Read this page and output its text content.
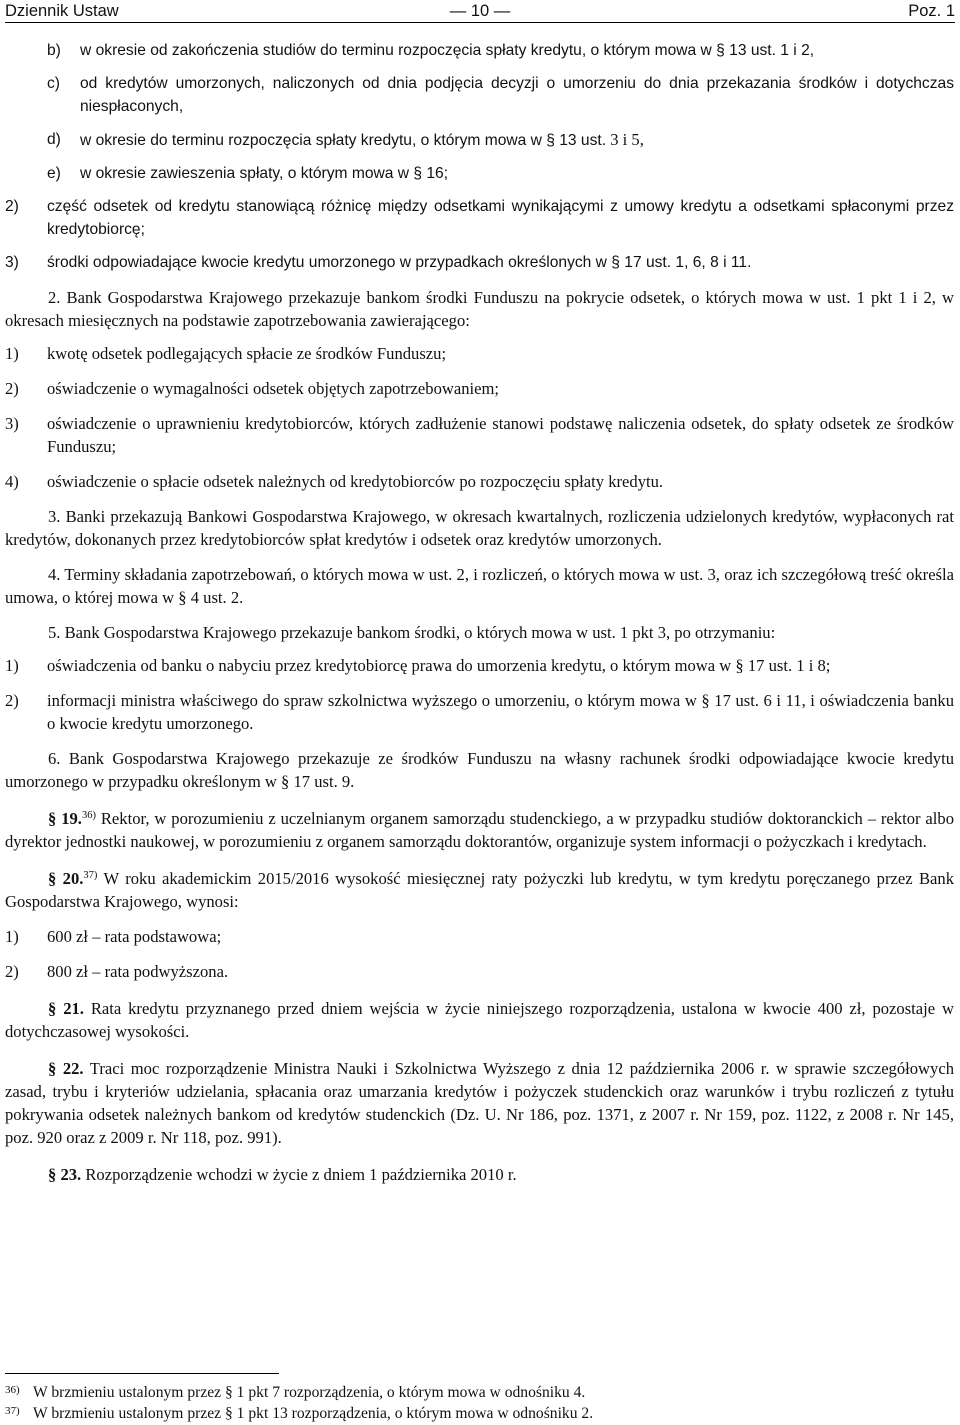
Dziennik Ustaw	— 10 —	Poz. 1
b) w okresie od zakończenia studiów do terminu rozpoczęcia spłaty kredytu, o którym mowa w § 13 ust. 1 i 2,
c) od kredytów umorzonych, naliczonych od dnia podjęcia decyzji o umorzeniu do dnia przekazania środków i dotychczas niespłaconych,
d) w okresie do terminu rozpoczęcia spłaty kredytu, o którym mowa w § 13 ust. 3 i 5,
e) w okresie zawieszenia spłaty, o którym mowa w § 16;
2) część odsetek od kredytu stanowiącą różnicę między odsetkami wynikającymi z umowy kredytu a odsetkami spłaconymi przez kredytobiorcę;
3) środki odpowiadające kwocie kredytu umorzonego w przypadkach określonych w § 17 ust. 1, 6, 8 i 11.

2. Bank Gospodarstwa Krajowego przekazuje bankom środki Funduszu na pokrycie odsetek, o których mowa w ust. 1 pkt 1 i 2, w okresach miesięcznych na podstawie zapotrzebowania zawierającego:

1) kwotę odsetek podlegających spłacie ze środków Funduszu;
2) oświadczenie o wymagalności odsetek objętych zapotrzebowaniem;
3) oświadczenie o uprawnieniu kredytobiorców, których zadłużenie stanowi podstawę naliczenia odsetek, do spłaty odsetek ze środków Funduszu;
4) oświadczenie o spłacie odsetek należnych od kredytobiorców po rozpoczęciu spłaty kredytu.

3. Banki przekazują Bankowi Gospodarstwa Krajowego, w okresach kwartalnych, rozliczenia udzielonych kredytów, wypłaconych rat kredytów, dokonanych przez kredytobiorców spłat kredytów i odsetek oraz kredytów umorzonych.

4. Terminy składania zapotrzebowań, o których mowa w ust. 2, i rozliczeń, o których mowa w ust. 3, oraz ich szczegółową treść określa umowa, o której mowa w § 4 ust. 2.

5. Bank Gospodarstwa Krajowego przekazuje bankom środki, o których mowa w ust. 1 pkt 3, po otrzymaniu:

1) oświadczenia od banku o nabyciu przez kredytobiorcę prawa do umorzenia kredytu, o którym mowa w § 17 ust. 1 i 8;
2) informacji ministra właściwego do spraw szkolnictwa wyższego o umorzeniu, o którym mowa w § 17 ust. 6 i 11, i oświadczenia banku o kwocie kredytu umorzonego.

6. Bank Gospodarstwa Krajowego przekazuje ze środków Funduszu na własny rachunek środki odpowiadające kwocie kredytu umorzonego w przypadku określonym w § 17 ust. 9.

§ 19.$^{36)}$ Rektor, w porozumieniu z uczelnianym organem samorządu studenckiego, a w przypadku studiów doktoranckich – rektor albo dyrektor jednostki naukowej, w porozumieniu z organem samorządu doktorantów, organizuje system informacji o pożyczkach i kredytach.

§ 20.$^{37)}$ W roku akademickim 2015/2016 wysokość miesięcznej raty pożyczki lub kredytu, w tym kredytu poręczanego przez Bank Gospodarstwa Krajowego, wynosi:

1) 600 zł – rata podstawowa;
2) 800 zł – rata podwyższona.

§ 21. Rata kredytu przyznanego przed dniem wejścia w życie niniejszego rozporządzenia, ustalona w kwocie 400 zł, pozostaje w dotychczasowej wysokości.

§ 22. Traci moc rozporządzenie Ministra Nauki i Szkolnictwa Wyższego z dnia 12 października 2006 r. w sprawie szczegółowych zasad, trybu i kryteriów udzielania, spłacania oraz umarzania kredytów i pożyczek studenckich oraz warunków i trybu rozliczeń z tytułu pokrywania odsetek należnych bankom od kredytów studenckich (Dz. U. Nr 186, poz. 1371, z 2007 r. Nr 159, poz. 1122, z 2008 r. Nr 145, poz. 920 oraz z 2009 r. Nr 118, poz. 991).

§ 23. Rozporządzenie wchodzi w życie z dniem 1 października 2010 r.

36) W brzmieniu ustalonym przez § 1 pkt 7 rozporządzenia, o którym mowa w odnośniku 4.
37) W brzmieniu ustalonym przez § 1 pkt 13 rozporządzenia, o którym mowa w odnośniku 2.
